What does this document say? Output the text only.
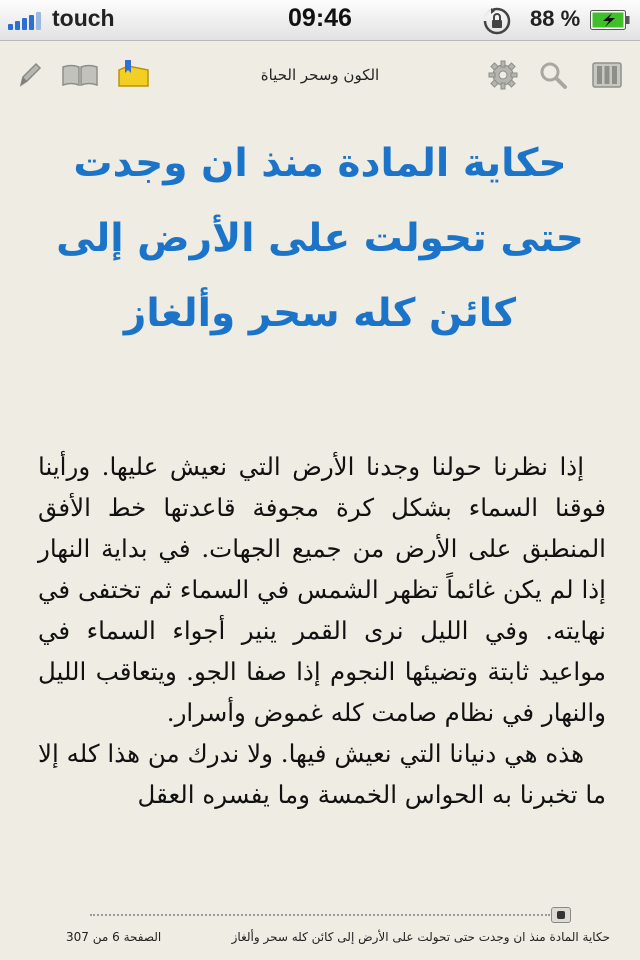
touch	09:46	88 %
الكون وسحر الحياة
حكاية المادة منذ ان وجدت حتى تحولت على الأرض إلى كائن كله سحر وألغاز

إذا نظرنا حولنا وجدنا الأرض التي نعيش عليها. ورأينا فوقنا السماء بشكل كرة مجوفة قاعدتها خط الأفق المنطبق على الأرض من جميع الجهات. في بداية النهار إذا لم يكن غائماً تظهر الشمس في السماء ثم تختفى في نهايته. وفي الليل نرى القمر ينير أجواء السماء في مواعيد ثابتة وتضيئها النجوم إذا صفا الجو. ويتعاقب الليل والنهار في نظام صامت كله غموض وأسرار.

هذه هي دنيانا التي نعيش فيها. ولا ندرك من هذا كله إلا ما تخبرنا به الحواس الخمسة وما يفسره العقل

حكاية المادة منذ ان وجدت حتى تحولت على الأرض إلى كائن كله سحر وألغاز
الصفحة 6 من 307
